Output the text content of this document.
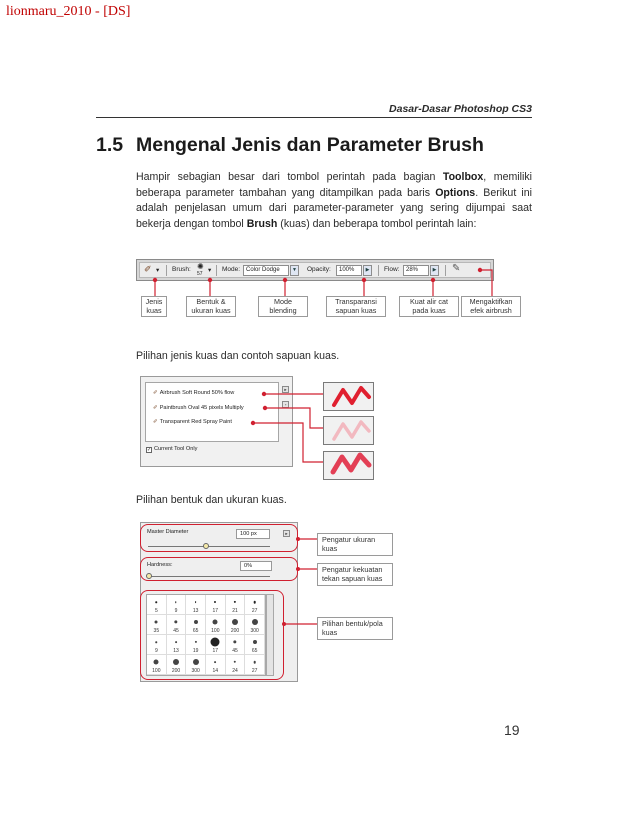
lionmaru_2010 - [DS]
Dasar-Dasar Photoshop CS3
1.5 Mengenal Jenis dan Parameter Brush

Hampir sebagian besar dari tombol perintah pada bagian Toolbox, memiliki beberapa parameter tambahan yang ditampilkan pada baris Options. Berikut ini adalah penjelasan umum dari parameter-parameter yang sering dijumpai saat bekerja dengan tombol Brush (kuas) dan beberapa tombol perintah lain:

✐ ▾ Brush: ✺
57 ▾ Mode: Color Dodge	▼	Opacity:	100%	▶	Flow:	28%	▶ ✎
Jenis kuas
Bentuk & ukuran kuas
Mode blending
Transparansi sapuan kuas
Kuat alir cat pada kuas
Mengaktifkan efek airbrush
Pilihan jenis kuas dan contoh sapuan kuas.
✐ Airbrush Soft Round 50% flow
✐ Paintbrush Oval 45 pixels Multiply
✐ Transparent Red Spray Paint
✓ Current Tool Only
▸
▫
Pilihan bentuk dan ukuran kuas.
Master Diameter	100 px	▸
Hardness:	0%
5	9	13	17	21	27
35	45	65	100	200	300
9	13	19	17	45	65
100	200	300	14	24	27
Pengatur ukuran kuas
Pengatur kekuatan tekan sapuan kuas
Pilihan bentuk/pola kuas
19
